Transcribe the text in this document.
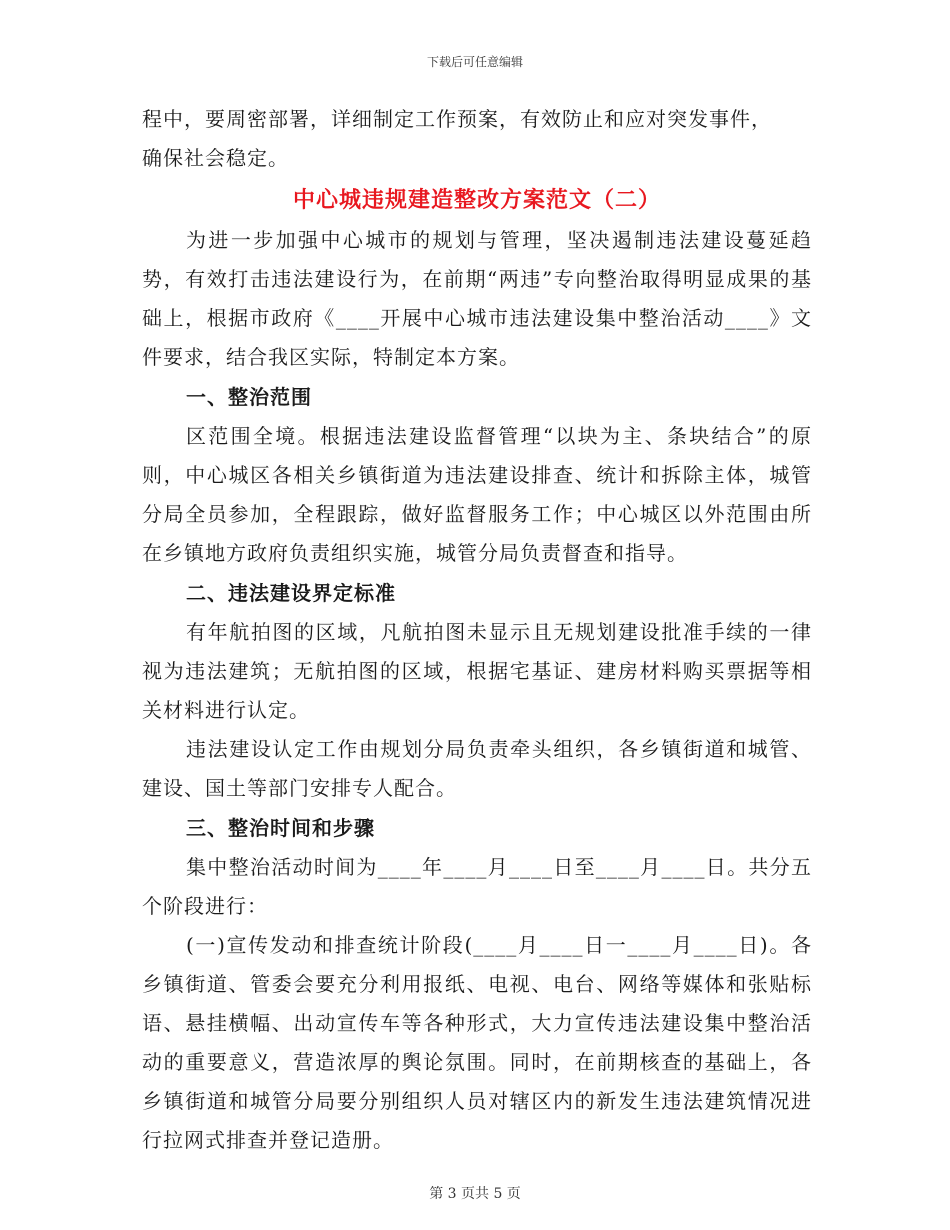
下载后可任意编辑

程中，要周密部署，详细制定工作预案，有效防止和应对突发事件，

确保社会稳定。

中心城违规建造整改方案范文（二）

为进一步加强中心城市的规划与管理，坚决遏制违法建设蔓延趋势，有效打击违法建设行为，在前期“两违”专向整治取得明显成果的基础上，根据市政府《____开展中心城市违法建设集中整治活动____》文件要求，结合我区实际，特制定本方案。

一、整治范围

区范围全境。根据违法建设监督管理“以块为主、条块结合”的原则，中心城区各相关乡镇街道为违法建设排查、统计和拆除主体，城管分局全员参加，全程跟踪，做好监督服务工作；中心城区以外范围由所在乡镇地方政府负责组织实施，城管分局负责督查和指导。

二、违法建设界定标准

有年航拍图的区域，凡航拍图未显示且无规划建设批准手续的一律视为违法建筑；无航拍图的区域，根据宅基证、建房材料购买票据等相关材料进行认定。

违法建设认定工作由规划分局负责牵头组织，各乡镇街道和城管、建设、国土等部门安排专人配合。

三、整治时间和步骤

集中整治活动时间为____年____月____日至____月____日。共分五个阶段进行：

(一)宣传发动和排查统计阶段(____月____日一____月____日)。各乡镇街道、管委会要充分利用报纸、电视、电台、网络等媒体和张贴标语、悬挂横幅、出动宣传车等各种形式，大力宣传违法建设集中整治活动的重要意义，营造浓厚的舆论氛围。同时，在前期核查的基础上，各乡镇街道和城管分局要分别组织人员对辖区内的新发生违法建筑情况进行拉网式排查并登记造册。

第 3 页共 5 页
